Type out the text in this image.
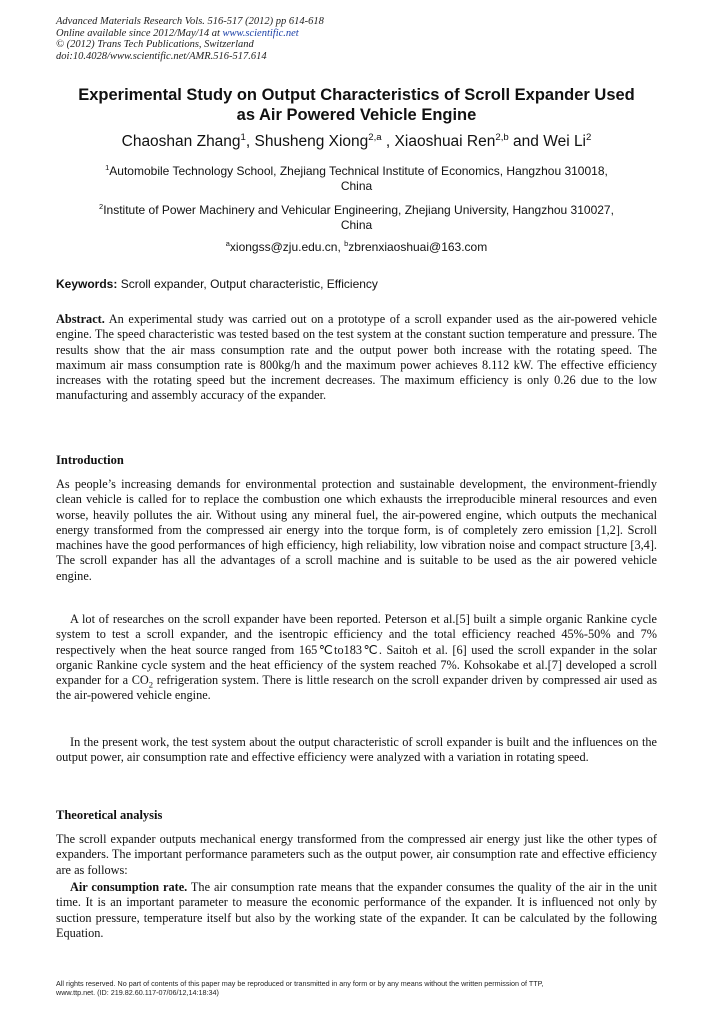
Advanced Materials Research Vols. 516-517 (2012) pp 614-618
Online available since 2012/May/14 at www.scientific.net
© (2012) Trans Tech Publications, Switzerland
doi:10.4028/www.scientific.net/AMR.516-517.614
Experimental Study on Output Characteristics of Scroll Expander Used
as Air Powered Vehicle Engine
Chaoshan Zhang$^1$, Shusheng Xiong$^{2,a}$ , Xiaoshuai Ren$^{2,b}$ and Wei Li$^2$
$^1$Automobile Technology School, Zhejiang Technical Institute of Economics, Hangzhou 310018,
China
$^2$Institute of Power Machinery and Vehicular Engineering, Zhejiang University, Hangzhou 310027,
China
$^a$xiongss@zju.edu.cn, $^b$zbrenxiaoshuai@163.com
Keywords: Scroll expander, Output characteristic, Efficiency
Abstract. An experimental study was carried out on a prototype of a scroll expander used as the air-powered vehicle engine. The speed characteristic was tested based on the test system at the constant suction temperature and pressure. The results show that the air mass consumption rate and the output power both increase with the rotating speed. The maximum air mass consumption rate is 800kg/h and the maximum power achieves 8.112 kW. The effective efficiency increases with the rotating speed but the increment decreases. The maximum efficiency is only 0.26 due to the low manufacturing and assembly accuracy of the expander.
Introduction
As people’s increasing demands for environmental protection and sustainable development, the environment-friendly clean vehicle is called for to replace the combustion one which exhausts the irreproducible mineral resources and even worse, heavily pollutes the air. Without using any mineral fuel, the air-powered engine, which outputs the mechanical energy transformed from the compressed air energy into the torque form, is of completely zero emission [1,2]. Scroll machines have the good performances of high efficiency, high reliability, low vibration noise and compact structure [3,4]. The scroll expander has all the advantages of a scroll machine and is suitable to be used as the air powered vehicle engine.
A lot of researches on the scroll expander have been reported. Peterson et al.[5] built a simple organic Rankine cycle system to test a scroll expander, and the isentropic efficiency and the total efficiency reached 45%-50% and 7% respectively when the heat source ranged from 165℃to183℃. Saitoh et al. [6] used the scroll expander in the solar organic Rankine cycle system and the heat efficiency of the system reached 7%. Kohsokabe et al.[7] developed a scroll expander for a $CO_2$ refrigeration system. There is little research on the scroll expander driven by compressed air used as the air-powered vehicle engine.
In the present work, the test system about the output characteristic of scroll expander is built and the influences on the output power, air consumption rate and effective efficiency were analyzed with a variation in rotating speed.
Theoretical analysis
The scroll expander outputs mechanical energy transformed from the compressed air energy just like the other types of expanders. The important performance parameters such as the output power, air consumption rate and effective efficiency are as follows:
Air consumption rate. The air consumption rate means that the expander consumes the quality of the air in the unit time. It is an important parameter to measure the economic performance of the expander. It is influenced not only by suction pressure, temperature itself but also by the working state of the expander. It can be calculated by the following Equation.
All rights reserved. No part of contents of this paper may be reproduced or transmitted in any form or by any means without the written permission of TTP,
www.ttp.net. (ID: 219.82.60.117-07/06/12,14:18:34)
